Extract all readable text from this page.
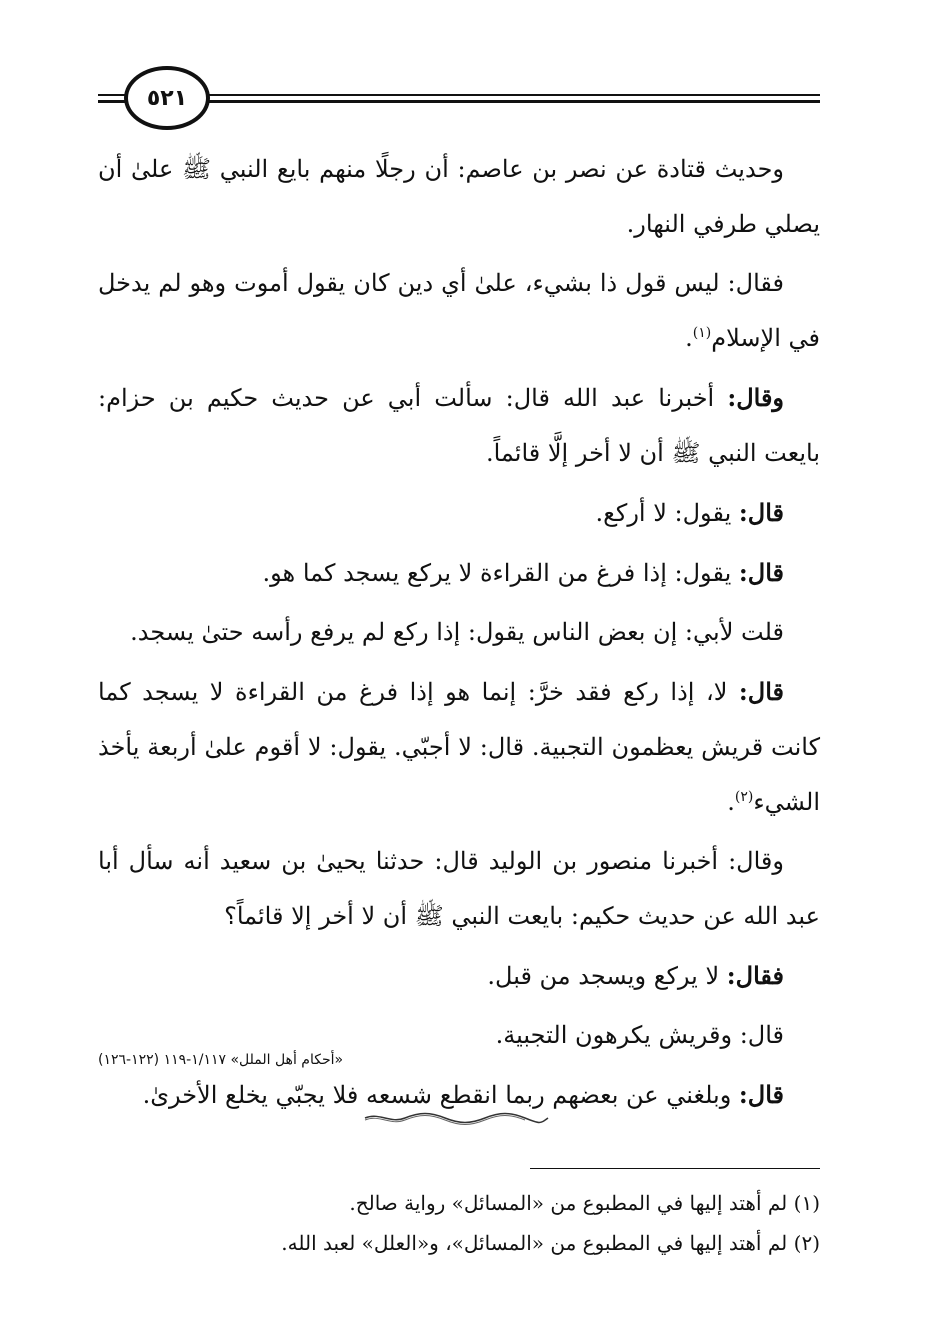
٥٢١

وحديث قتادة عن نصر بن عاصم: أن رجلًا منهم بايع النبي ﷺ علىٰ أن يصلي طرفي النهار.

فقال: ليس قول ذا بشيء، علىٰ أي دين كان يقول أموت وهو لم يدخل في الإسلام$^{(١)}$.

وقال: أخبرنا عبد الله قال: سألت أبي عن حديث حكيم بن حزام: بايعت النبي ﷺ أن لا أخر إلَّا قائماً.

قال: يقول: لا أركع.

قال: يقول: إذا فرغ من القراءة لا يركع يسجد كما هو.

قلت لأبي: إن بعض الناس يقول: إذا ركع لم يرفع رأسه حتىٰ يسجد.

قال: لا، إذا ركع فقد خرَّ: إنما هو إذا فرغ من القراءة لا يسجد كما كانت قريش يعظمون التجبية. قال: لا أجبّي. يقول: لا أقوم علىٰ أربعة يأخذ الشيء$^{(٢)}$.

وقال: أخبرنا منصور بن الوليد قال: حدثنا يحيىٰ بن سعيد أنه سأل أبا عبد الله عن حديث حكيم: بايعت النبي ﷺ أن لا أخر إلا قائماً؟

فقال: لا يركع ويسجد من قبل.

قال: وقريش يكرهون التجبية.

قال: وبلغني عن بعضهم ربما انقطع شسعه فلا يجبّي يخلع الأخرىٰ.

«أحكام أهل الملل» ١/١١٧-١١٩ (١٢٢-١٢٦)

(١) لم أهتد إليها في المطبوع من «المسائل» رواية صالح.

(٢) لم أهتد إليها في المطبوع من «المسائل»، و«العلل» لعبد الله.
